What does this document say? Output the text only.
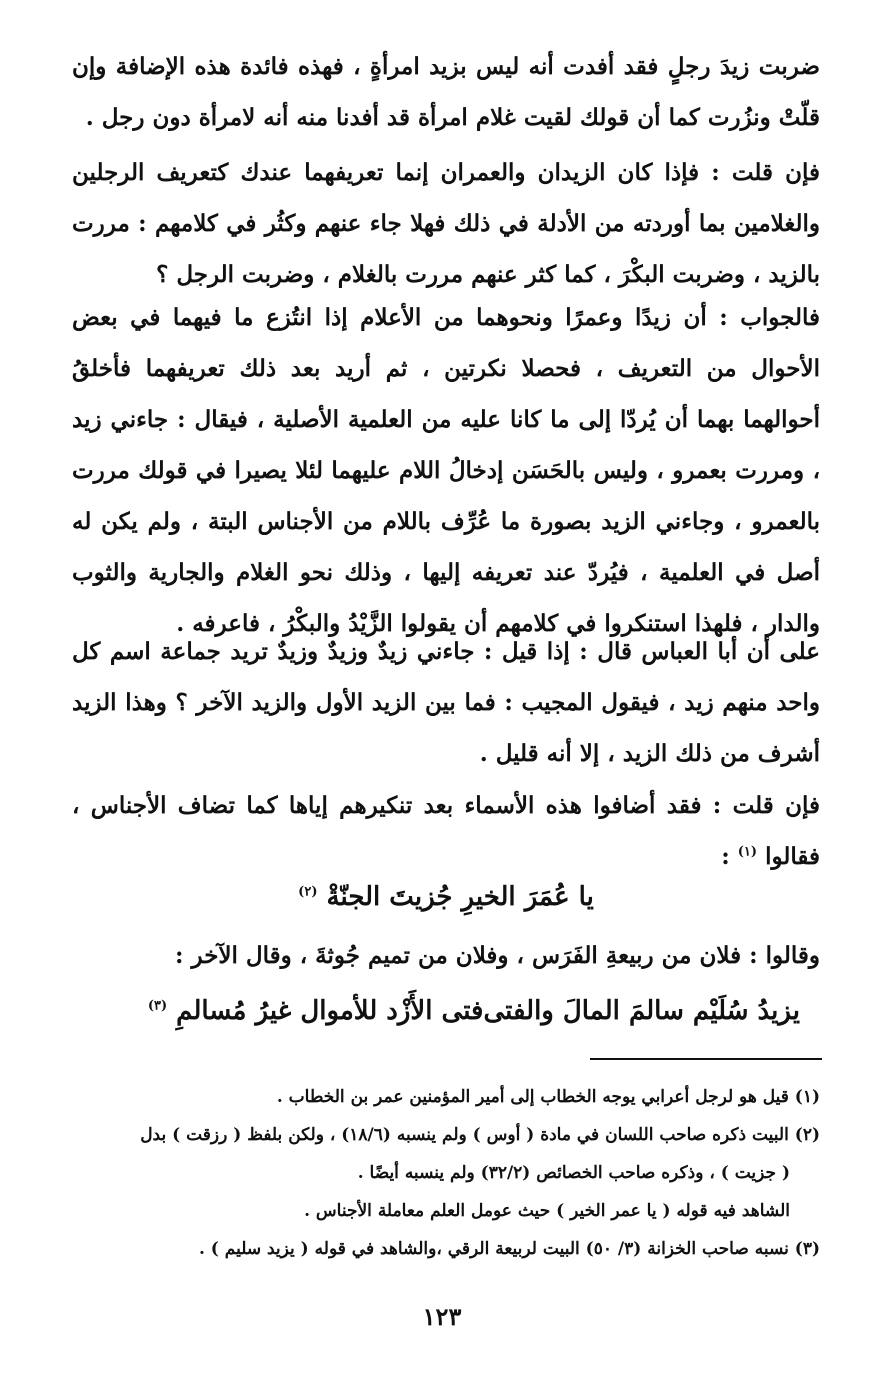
ضربت زيدَ رجلٍ فقد أفدت أنه ليس بزيد امرأةٍ ، فهذه فائدة هذه الإضافة وإن قلّتْ ونزُرت كما أن قولك لقيت غلام امرأة قد أفدنا منه أنه لامرأة دون رجل .

فإن قلت : فإذا كان الزيدان والعمران إنما تعريفهما عندك كتعريف الرجلين والغلامين بما أوردته من الأدلة في ذلك فهلا جاء عنهم وكثُر في كلامهم : مررت بالزيد ، وضربت البكْرَ ، كما كثر عنهم مررت بالغلام ، وضربت الرجل ؟

فالجواب : أن زيدًا وعمرًا ونحوهما من الأعلام إذا انتُزع ما فيهما في بعض الأحوال من التعريف ، فحصلا نكرتين ، ثم أريد بعد ذلك تعريفهما فأخلقُ أحوالهما بهما أن يُردّا إلى ما كانا عليه من العلمية الأصلية ، فيقال : جاءني زيد ، ومررت بعمرو ، وليس بالحَسَن إدخالُ اللام عليهما لئلا يصيرا في قولك مررت بالعمرو ، وجاءني الزيد بصورة ما عُرِّف باللام من الأجناس البتة ، ولم يكن له أصل في العلمية ، فيُردّ عند تعريفه إليها ، وذلك نحو الغلام والجارية والثوب والدار ، فلهذا استنكروا في كلامهم أن يقولوا الزَّيْدُ والبكْرُ ، فاعرفه .

على أن أبا العباس قال : إذا قيل : جاءني زيدٌ وزيدٌ وزيدٌ تريد جماعة اسم كل واحد منهم زيد ، فيقول المجيب : فما بين الزيد الأول والزيد الآخر ؟ وهذا الزيد أشرف من ذلك الزيد ، إلا أنه قليل .

فإن قلت : فقد أضافوا هذه الأسماء بعد تنكيرهم إياها كما تضاف الأجناس ، فقالوا $^{(١)}$ :

يا عُمَرَ الخيرِ جُزيتَ الجنّةْ $^{(٢)}$

وقالوا : فلان من ربيعةِ الفَرَس ، وفلان من تميم جُوثةَ ، وقال الآخر :

يزيدُ سُلَيْم سالمَ المالَ والفتى
فتى الأَزْد للأموال غيرُ مُسالمِ $^{(٣)}$

(١) قيل هو لرجل أعرابي يوجه الخطاب إلى أمير المؤمنين عمر بن الخطاب .

(٢) البيت ذكره صاحب اللسان في مادة ( أوس ) ولم ينسبه (١٨/٦) ، ولكن بلفظ ( رزقت ) بدل

( جزيت ) ، وذكره صاحب الخصائص (٣٢/٢) ولم ينسبه أيضًا .

الشاهد فيه قوله ( يا عمر الخير ) حيث عومل العلم معاملة الأجناس .

(٣) نسبه صاحب الخزانة (٣/ ٥٠) البيت لربيعة الرقي ،والشاهد في قوله ( يزيد سليم ) .

١٢٣
